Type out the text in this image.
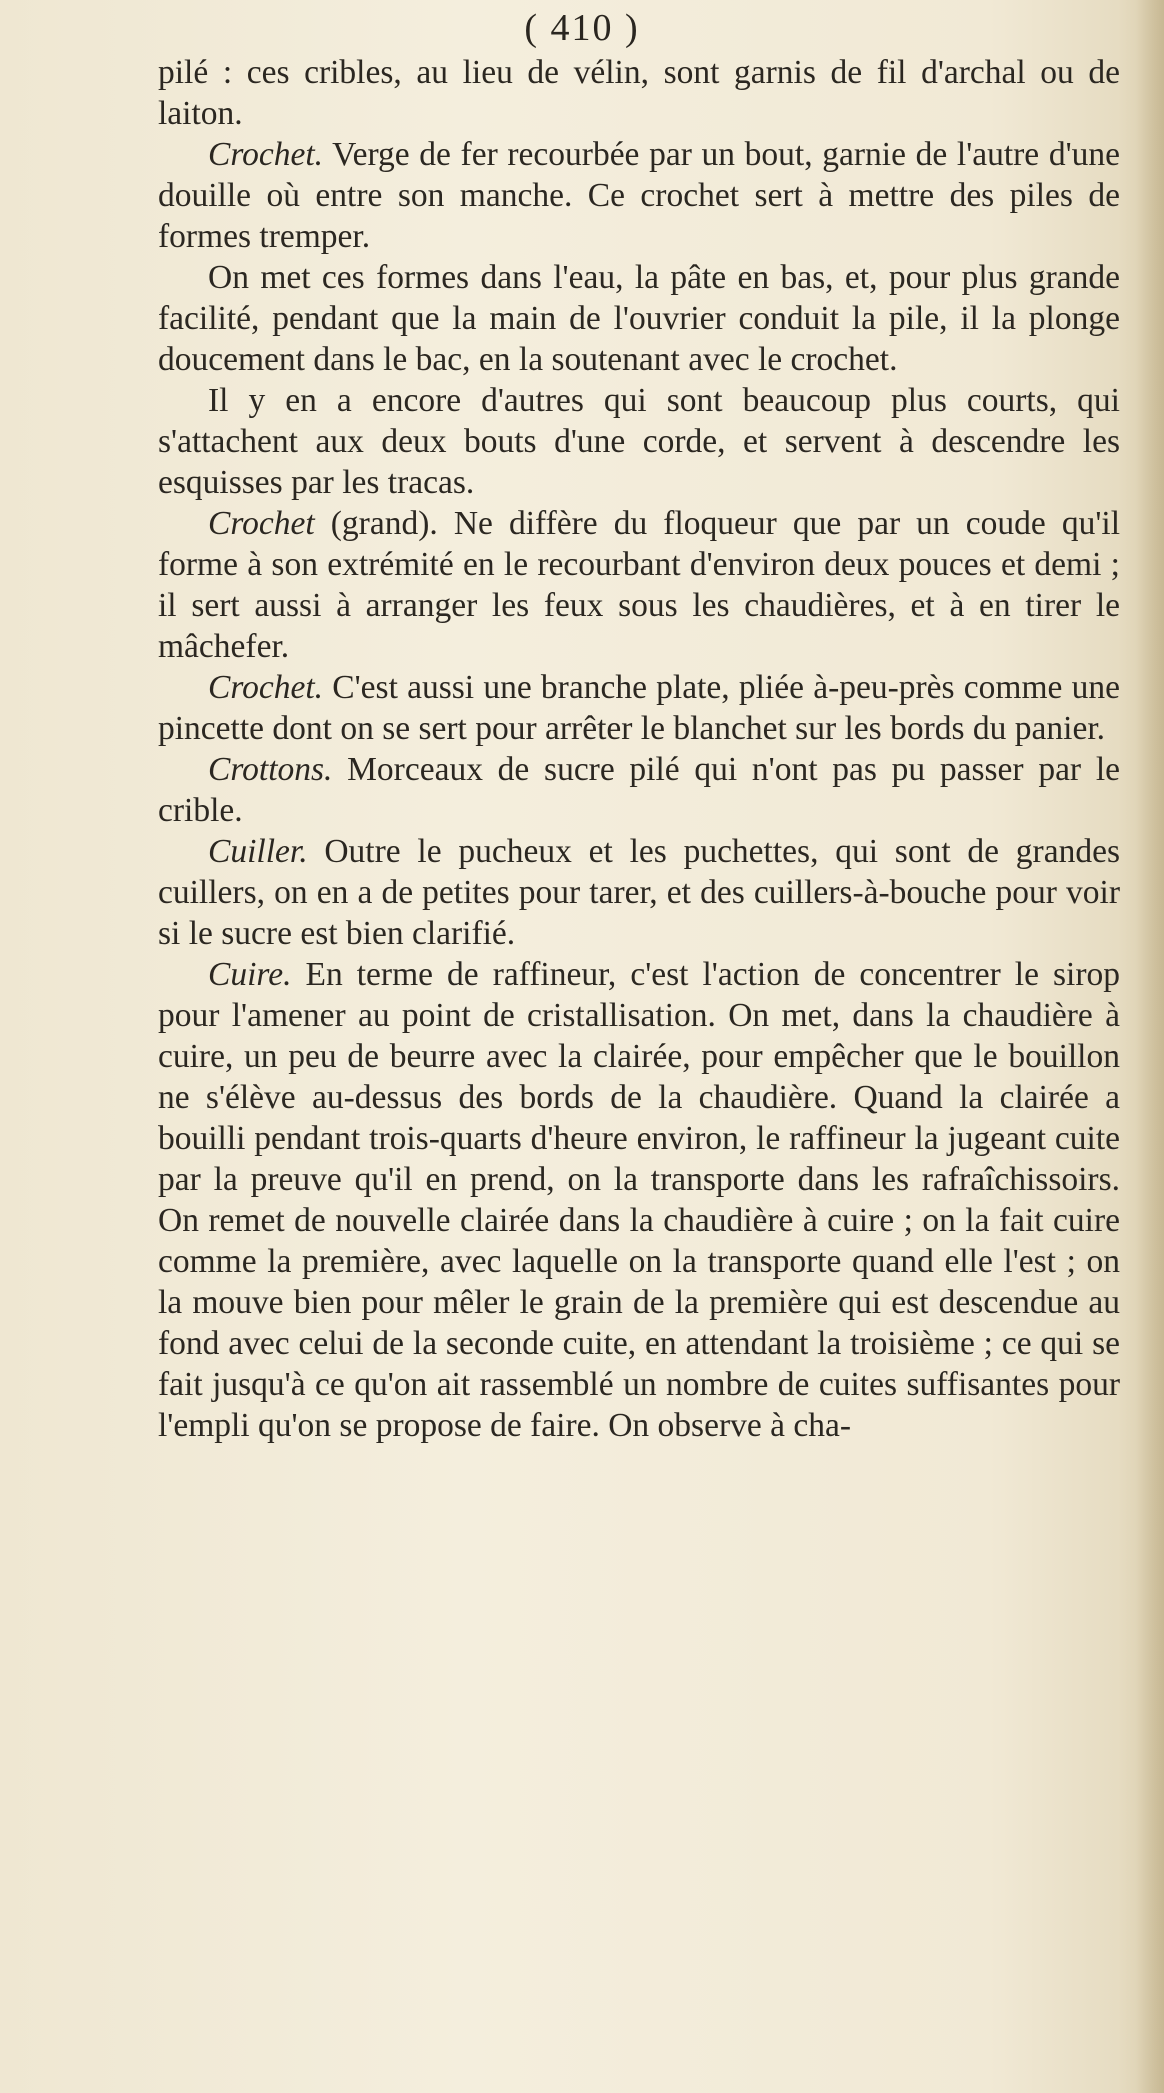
( 410 )

pilé : ces cribles, au lieu de vélin, sont garnis de fil d'archal ou de laiton.

Crochet. Verge de fer recourbée par un bout, garnie de l'autre d'une douille où entre son manche. Ce crochet sert à mettre des piles de formes tremper.

On met ces formes dans l'eau, la pâte en bas, et, pour plus grande facilité, pendant que la main de l'ouvrier conduit la pile, il la plonge doucement dans le bac, en la soutenant avec le crochet.

Il y en a encore d'autres qui sont beaucoup plus courts, qui s'attachent aux deux bouts d'une corde, et servent à descendre les esquisses par les tracas.

Crochet (grand). Ne diffère du floqueur que par un coude qu'il forme à son extrémité en le recourbant d'environ deux pouces et demi ; il sert aussi à arranger les feux sous les chaudières, et à en tirer le mâchefer.

Crochet. C'est aussi une branche plate, pliée à-peu-près comme une pincette dont on se sert pour arrêter le blanchet sur les bords du panier.

Crottons. Morceaux de sucre pilé qui n'ont pas pu passer par le crible.

Cuiller. Outre le pucheux et les puchettes, qui sont de grandes cuillers, on en a de petites pour tarer, et des cuillers-à-bouche pour voir si le sucre est bien clarifié.

Cuire. En terme de raffineur, c'est l'action de concentrer le sirop pour l'amener au point de cristallisation. On met, dans la chaudière à cuire, un peu de beurre avec la clairée, pour empêcher que le bouillon ne s'élève au-dessus des bords de la chaudière. Quand la clairée a bouilli pendant trois-quarts d'heure environ, le raffineur la jugeant cuite par la preuve qu'il en prend, on la transporte dans les rafraîchissoirs. On remet de nouvelle clairée dans la chaudière à cuire ; on la fait cuire comme la première, avec laquelle on la transporte quand elle l'est ; on la mouve bien pour mêler le grain de la première qui est descendue au fond avec celui de la seconde cuite, en attendant la troisième ; ce qui se fait jusqu'à ce qu'on ait rassemblé un nombre de cuites suffisantes pour l'empli qu'on se propose de faire. On observe à cha-
